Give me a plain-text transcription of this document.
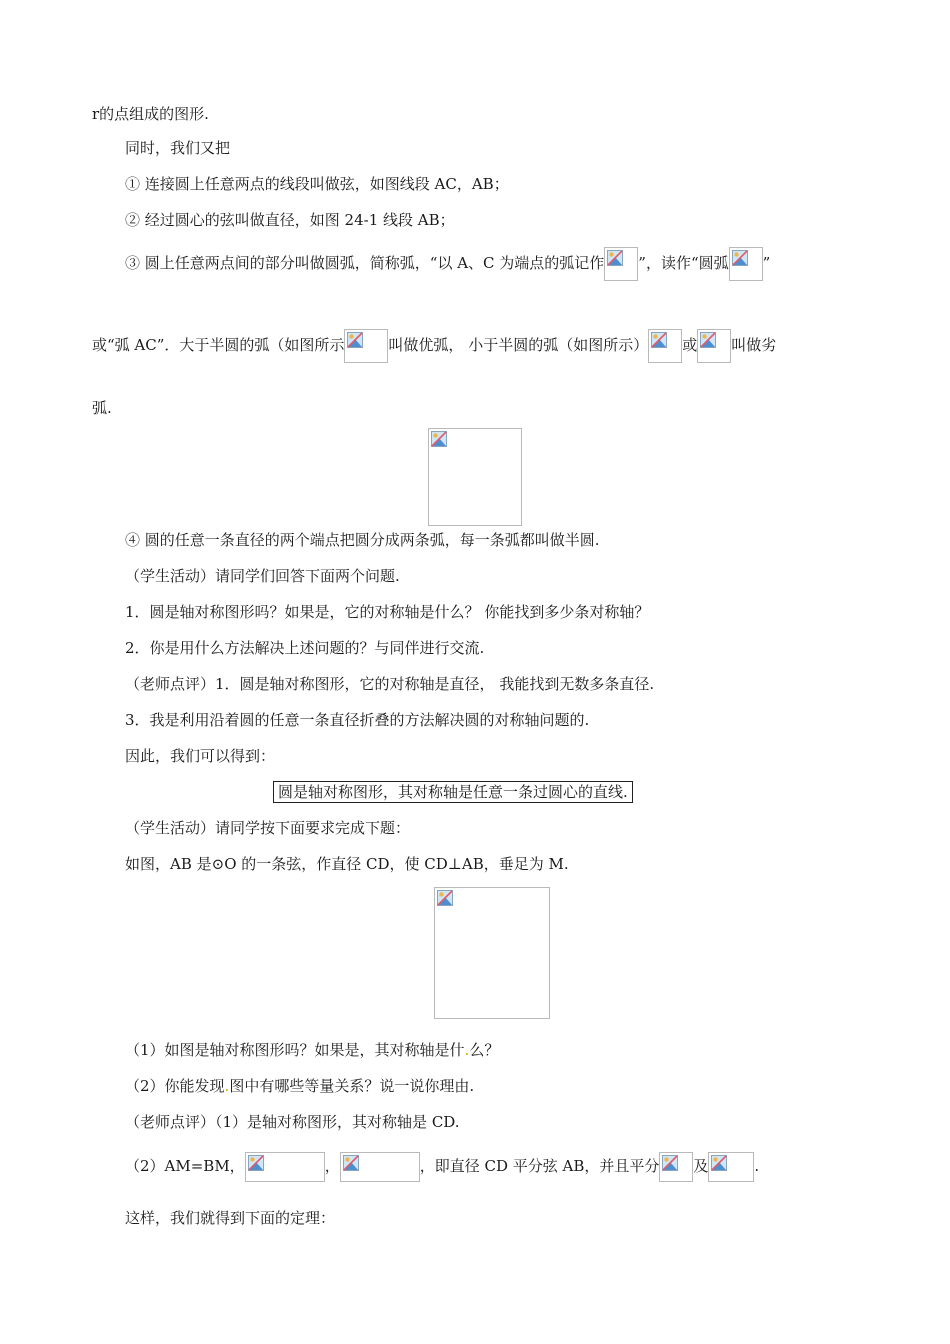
r的点组成的图形.
同时，我们又把
① 连接圆上任意两点的线段叫做弦，如图线段 AC，AB；
② 经过圆心的弦叫做直径，如图 24-1 线段 AB；
③ 圆上任意两点间的部分叫做圆弧，简称弧，“以 A、C 为端点的弧记作 ”，读作“圆弧 ”
或“弧 AC”．大于半圆的弧（如图所示	叫做优弧， 小于半圆的弧（如图所示） 或 叫做劣
弧.
④ 圆的任意一条直径的两个端点把圆分成两条弧，每一条弧都叫做半圆.
（学生活动）请同学们回答下面两个问题.
1．圆是轴对称图形吗？如果是，它的对称轴是什么？ 你能找到多少条对称轴？
2．你是用什么方法解决上述问题的？与同伴进行交流.
（老师点评）1．圆是轴对称图形，它的对称轴是直径， 我能找到无数多条直径.
3．我是利用沿着圆的任意一条直径折叠的方法解决圆的对称轴问题的.
因此，我们可以得到：
圆是轴对称图形，其对称轴是任意一条过圆心的直线.
（学生活动）请同学按下面要求完成下题：
如图，AB 是⊙O 的一条弦，作直径 CD，使 CD⊥AB，垂足为 M.
（1）如图是轴对称图形吗？如果是，其对称轴是什.么？
（2）你能发现.图中有哪些等量关系？说一说你理由.
（老师点评）（1）是轴对称图形，其对称轴是 CD.
（2）AM=BM，	，	，即直径 CD 平分弦 AB，并且平分 及	.
这样，我们就得到下面的定理：
